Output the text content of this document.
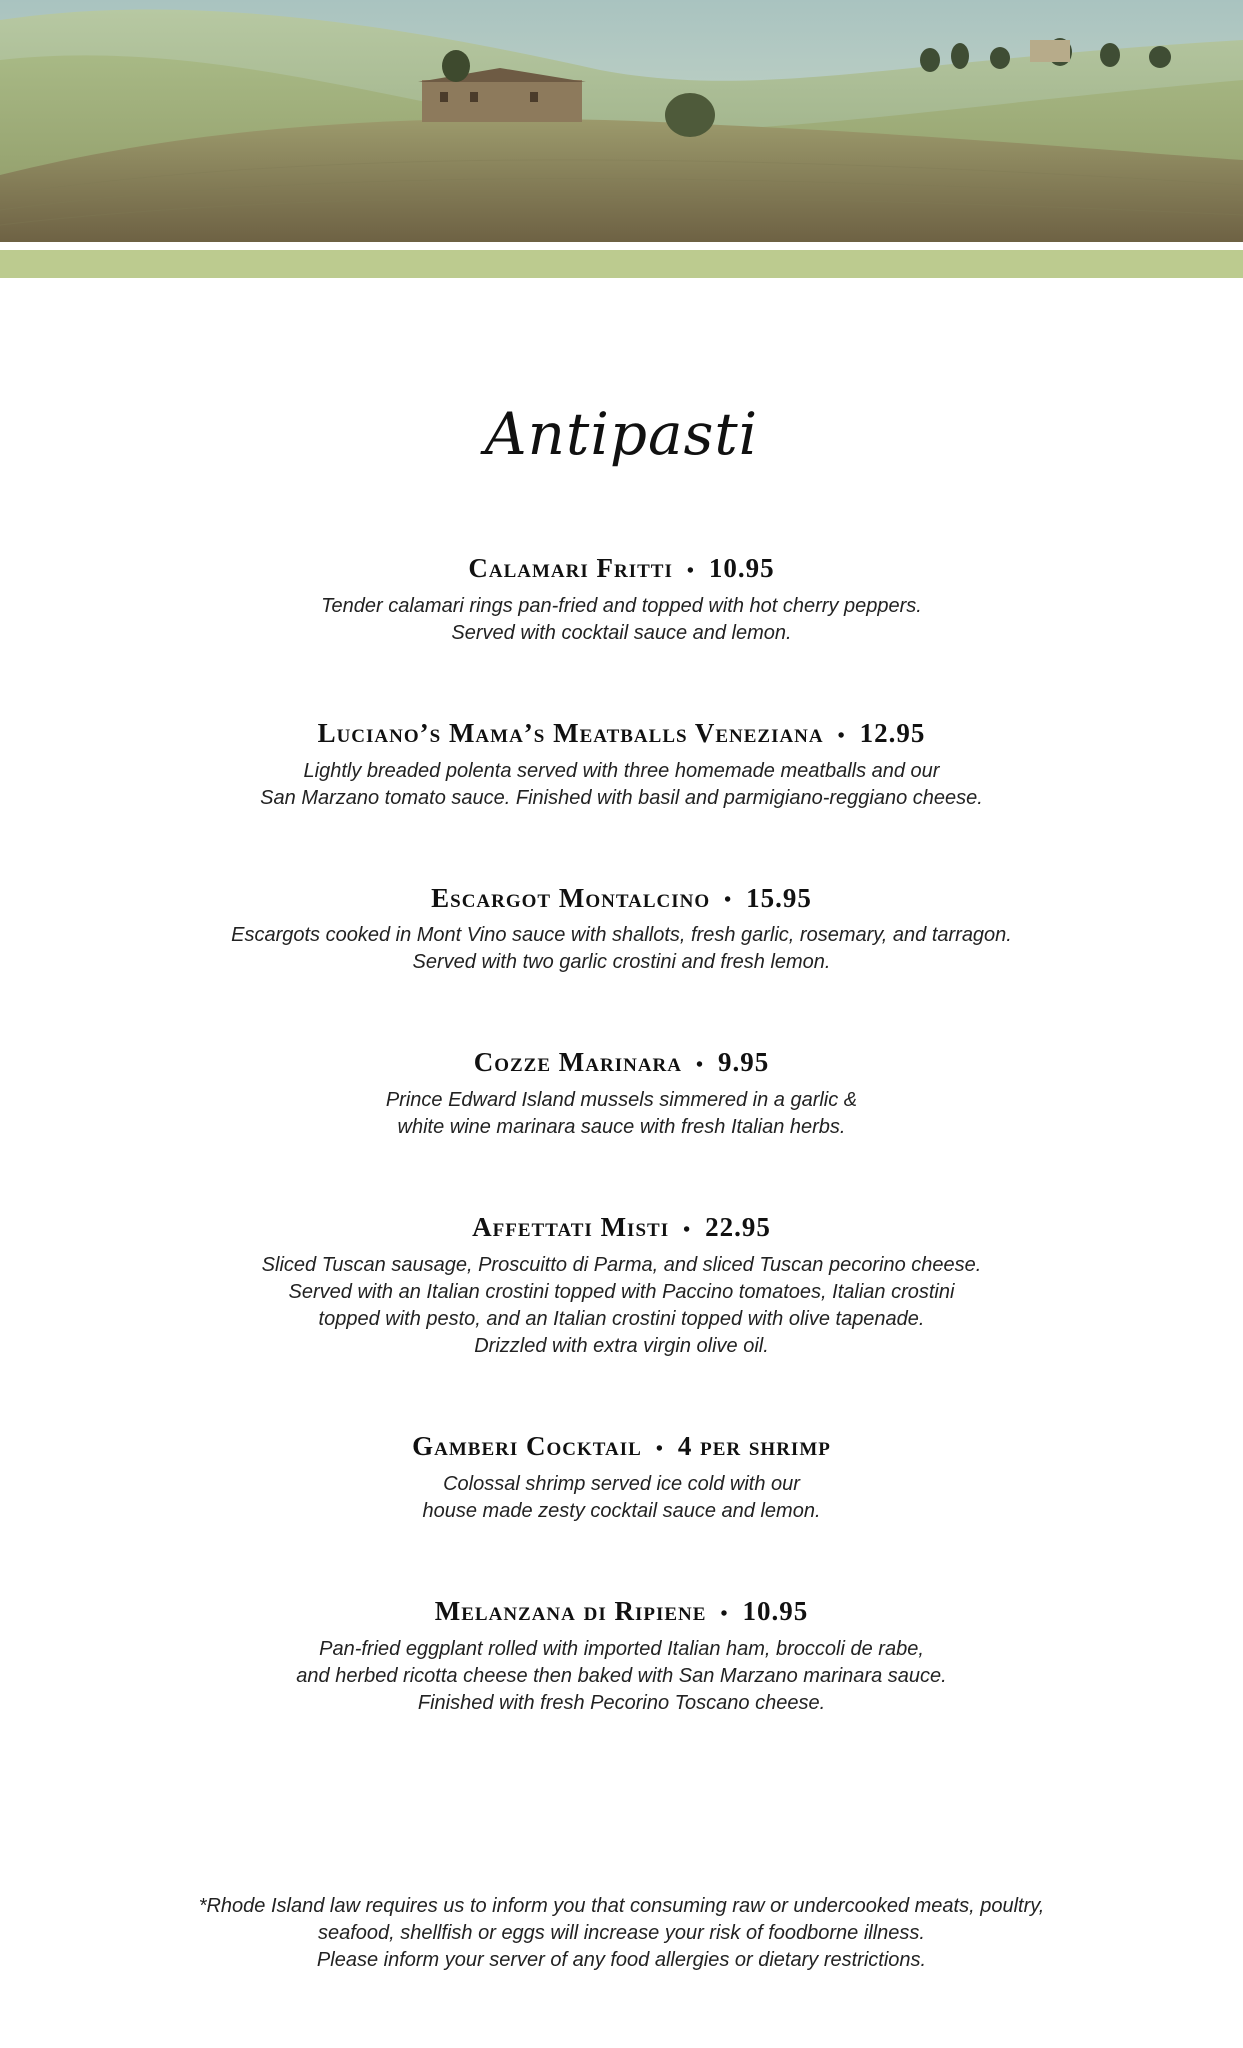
Antipasti
Calamari Fritti • 10.95
Tender calamari rings pan-fried and topped with hot cherry peppers.
Served with cocktail sauce and lemon.
Luciano’s Mama’s Meatballs Veneziana • 12.95
Lightly breaded polenta served with three homemade meatballs and our
San Marzano tomato sauce. Finished with basil and parmigiano-reggiano cheese.
Escargot Montalcino • 15.95
Escargots cooked in Mont Vino sauce with shallots, fresh garlic, rosemary, and tarragon.
Served with two garlic crostini and fresh lemon.
Cozze Marinara • 9.95
Prince Edward Island mussels simmered in a garlic &
white wine marinara sauce with fresh Italian herbs.
Affettati Misti • 22.95
Sliced Tuscan sausage, Proscuitto di Parma, and sliced Tuscan pecorino cheese.
Served with an Italian crostini topped with Paccino tomatoes, Italian crostini
topped with pesto, and an Italian crostini topped with olive tapenade.
Drizzled with extra virgin olive oil.
Gamberi Cocktail • 4 per shrimp
Colossal shrimp served ice cold with our
house made zesty cocktail sauce and lemon.
Melanzana di Ripiene • 10.95
Pan-fried eggplant rolled with imported Italian ham, broccoli de rabe,
and herbed ricotta cheese then baked with San Marzano marinara sauce.
Finished with fresh Pecorino Toscano cheese.
*Rhode Island law requires us to inform you that consuming raw or undercooked meats, poultry,
seafood, shellfish or eggs will increase your risk of foodborne illness.
Please inform your server of any food allergies or dietary restrictions.
